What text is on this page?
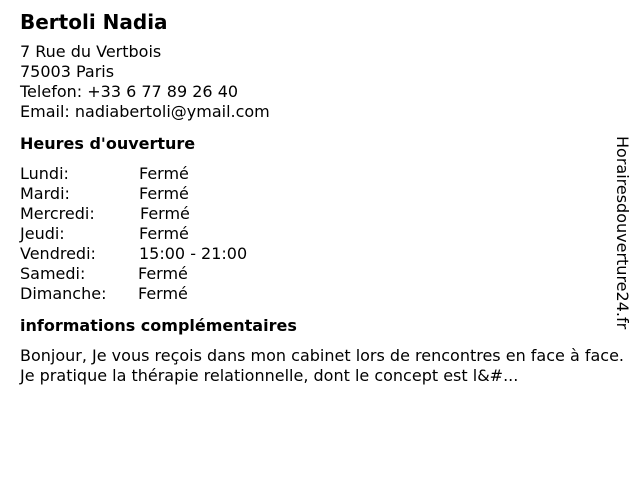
Bertoli Nadia
7 Rue du Vertbois
75003 Paris
Telefon: +33 6 77 89 26 40
Email: nadiabertoli@ymail.com
Heures d'ouverture
Lundi:	Fermé
Mardi:	Fermé
Mercredi:	Fermé
Jeudi:	Fermé
Vendredi:	15:00 - 21:00
Samedi:	Fermé
Dimanche: Fermé
informations complémentaires
Bonjour, Je vous reçois dans mon cabinet lors de rencontres en face à face. Je pratique la thérapie relationnelle, dont le concept est l&#...
Horairesdouverture24.fr
